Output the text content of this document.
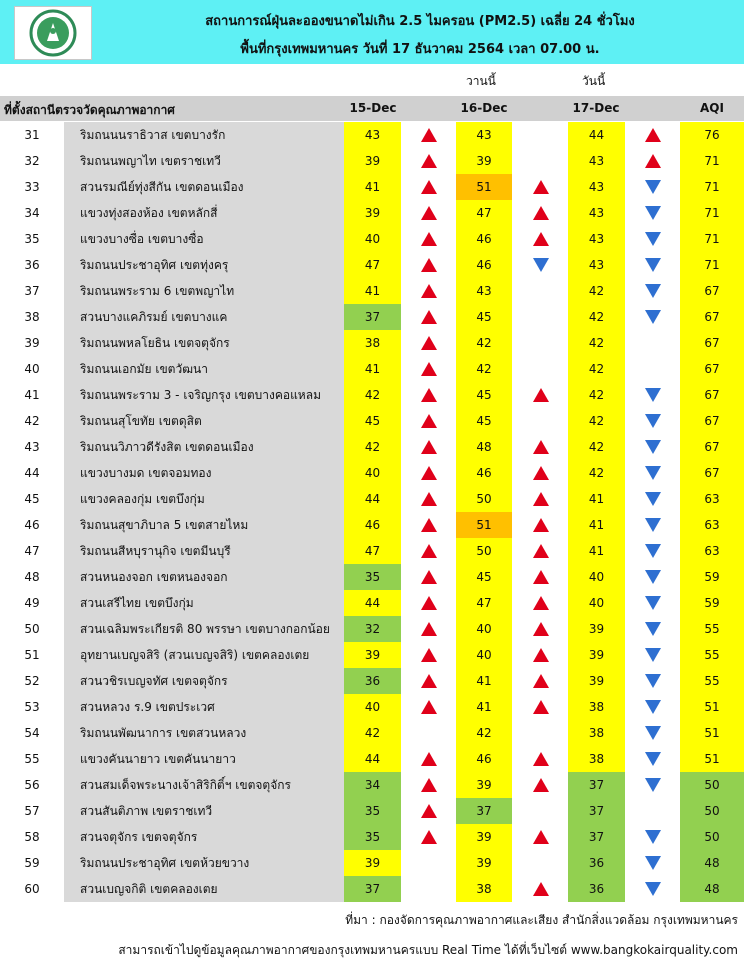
สถานการณ์ฝุ่นละอองขนาดไม่เกิน 2.5 ไมครอน (PM2.5) เฉลี่ย 24 ชั่วโมง
พื้นที่กรุงเทพมหานคร วันที่ 17 ธันวาคม 2564 เวลา 07.00 น.
วานนี้	วันนี้
ที่ตั้งสถานีตรวจวัดคุณภาพอากาศ	15-Dec	16-Dec	17-Dec	AQI
31	ริมถนนนราธิวาส เขตบางรัก	43	43	44	76
32	ริมถนนพญาไท เขตราชเทวี	39	39	43	71
33	สวนรมณีย์ทุ่งสีกัน เขตดอนเมือง	41	51	43	71
34	แขวงทุ่งสองห้อง เขตหลักสี่	39	47	43	71
35	แขวงบางซื่อ เขตบางซื่อ	40	46	43	71
36	ริมถนนประชาอุทิศ เขตทุ่งครุ	47	46	43	71
37	ริมถนนพระราม 6 เขตพญาไท	41	43	42	67
38	สวนบางแคภิรมย์ เขตบางแค	37	45	42	67
39	ริมถนนพหลโยธิน เขตจตุจักร	38	42	42	67
40	ริมถนนเอกมัย เขตวัฒนา	41	42	42	67
41	ริมถนนพระราม 3 - เจริญกรุง เขตบางคอแหลม	42	45	42	67
42	ริมถนนสุโขทัย เขตดุสิต	45	45	42	67
43	ริมถนนวิภาวดีรังสิต เขตดอนเมือง	42	48	42	67
44	แขวงบางมด เขตจอมทอง	40	46	42	67
45	แขวงคลองกุ่ม เขตบึงกุ่ม	44	50	41	63
46	ริมถนนสุขาภิบาล 5 เขตสายไหม	46	51	41	63
47	ริมถนนสีหบุรานุกิจ เขตมีนบุรี	47	50	41	63
48	สวนหนองจอก เขตหนองจอก	35	45	40	59
49	สวนเสรีไทย เขตบึงกุ่ม	44	47	40	59
50	สวนเฉลิมพระเกียรติ 80 พรรษา เขตบางกอกน้อย	32	40	39	55
51	อุทยานเบญจสิริ (สวนเบญจสิริ) เขตคลองเตย	39	40	39	55
52	สวนวชิรเบญจทัศ เขตจตุจักร	36	41	39	55
53	สวนหลวง ร.9 เขตประเวศ	40	41	38	51
54	ริมถนนพัฒนาการ เขตสวนหลวง	42	42	38	51
55	แขวงคันนายาว เขตคันนายาว	44	46	38	51
56	สวนสมเด็จพระนางเจ้าสิริกิติ์ฯ เขตจตุจักร	34	39	37	50
57	สวนสันติภาพ เขตราชเทวี	35	37	37	50
58	สวนจตุจักร เขตจตุจักร	35	39	37	50
59	ริมถนนประชาอุทิศ เขตห้วยขวาง	39	39	36	48
60	สวนเบญจกิติ เขตคลองเตย	37	38	36	48
ที่มา : กองจัดการคุณภาพอากาศและเสียง สำนักสิ่งแวดล้อม กรุงเทพมหานคร
สามารถเข้าไปดูข้อมูลคุณภาพอากาศของกรุงเทพมหานครแบบ Real Time ได้ที่เว็บไซต์ www.bangkokairquality.com
